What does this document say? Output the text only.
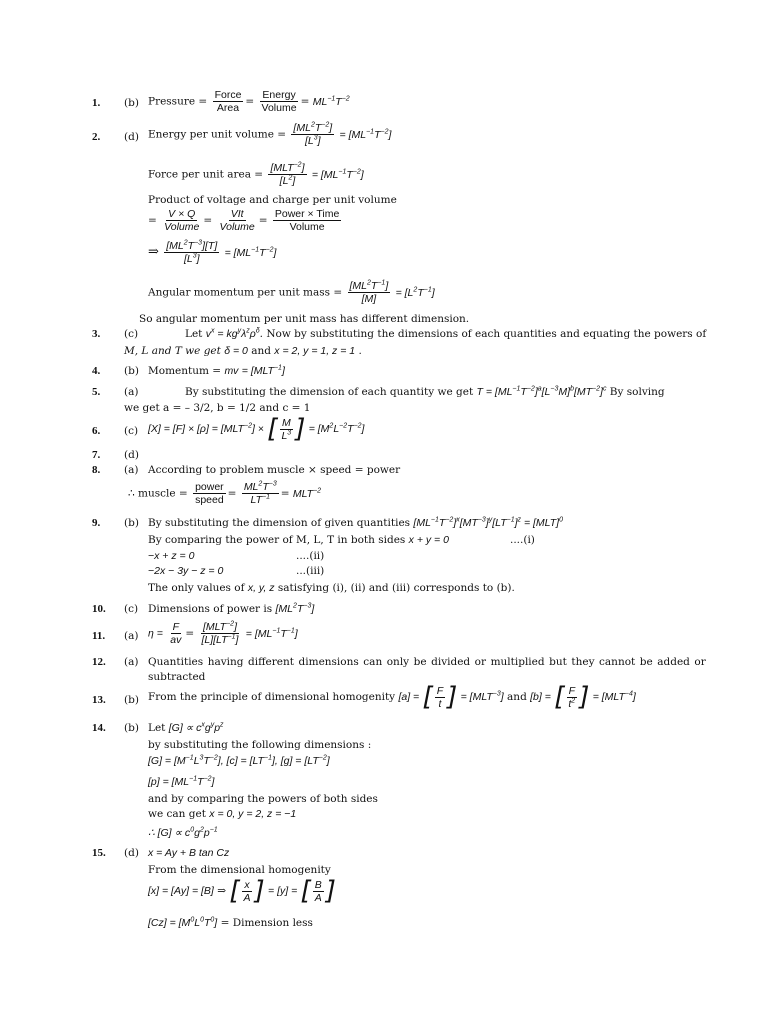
1. (b) Pressure = $\frac{\text{Force}}{\text{Area}} = \frac{\text{Energy}}{\text{Volume}} = ML^{-1}T^{-2}$
2. (d) Energy per unit volume = $\frac{[ML^2T^{-2}]}{[L^3]} = [ML^{-1}T^{-2}]$
Force per unit area = $\frac{[MLT^{-2}]}{[L^2]} = [ML^{-1}T^{-2}]$
Product of voltage and charge per unit volume
= $\frac{V \times Q}{\text{Volume}} = \frac{\text{VIt}}{\text{Volume}} = \frac{\text{Power × Time}}{\text{Volume}}$
⇒ $\frac{[ML^2T^{-3}][T]}{[L^3]} = [ML^{-1}T^{-2}]$
Angular momentum per unit mass = $\frac{[ML^2T^{-1}]}{[M]} = [L^2T^{-1}]$
So angular momentum per unit mass has different dimension.
3. (c)	Let $v^x = kg^y\lambda^z\rho^\delta$. Now by substituting the dimensions of each quantities and equating the powers of
M, L and T we get δ = 0 and x = 2, y = 1, z = 1 .
4. (b) Momentum = mv = $[MLT^{-1}]$
5. (a)	By substituting the dimension of each quantity we get $T = [ML^{-1}T^{-2}]^a[L^{-3}M]^b[MT^{-2}]^c$ By solving
we get a = – 3/2, b = 1/2 and c = 1
6. (c) $[X] = [F] \times [\rho] = [MLT^{-2}]$ × [ $\frac{M}{L^3}$ ] = $[M^2L^{-2}T^{-2}]$
7. (d)
8. (a) According to problem muscle × speed = power
∴ muscle = $\frac{\text{power}}{\text{speed}} = \frac{ML^2T^{-3}}{LT^{-1}} = MLT^{-2}$
9. (b) By substituting the dimension of given quantities $[ML^{-1}T^{-2}]^x[MT^{-3}]^y[LT^{-1}]^z = [MLT]^0$
By comparing the power of M, L, T in both sides x + y = 0	....(i)
−x + z = 0	....(ii)
−2x − 3y − z = 0	...(iii)
The only values of x, y, z satisfying (i), (ii) and (iii) corresponds to (b).
10. (c) Dimensions of power is $[ML^2T^{-3}]$
11. (a) $\eta = \frac{F}{av} = \frac{[MLT^{-2}]}{[L][LT^{-1}]} = [ML^{-1}T^{-1}]$
12. (a) Quantities having different dimensions can only be divided or multiplied but they cannot be added or
subtracted
13. (b) From the principle of dimensional homogenity [a] = [ $\frac{F}{t}$ ] = $[MLT^{-3}]$ and [b] = [ $\frac{F}{t^2}$ ] = $[MLT^{-4}]$
14. (b) Let $[G] \propto c^xg^yp^z$
by substituting the following dimensions :
$[G] = [M^{-1}L^3T^{-2}]$, $[c] = [LT^{-1}]$, $[g] = [LT^{-2}]$
$[p] = [ML^{-1}T^{-2}]$
and by comparing the powers of both sides
we can get x = 0, y = 2, z = −1
∴ $[G] \propto c^0g^2p^{-1}$
15. (d) x = Ay + B tan Cz
From the dimensional homogenity
[x] = [Ay] = [B] ⇒ [ $\frac{x}{A}$ ] = [y] = [ $\frac{B}{A}$ ]
$[Cz] = [M^0L^0T^0]$ = Dimension less
